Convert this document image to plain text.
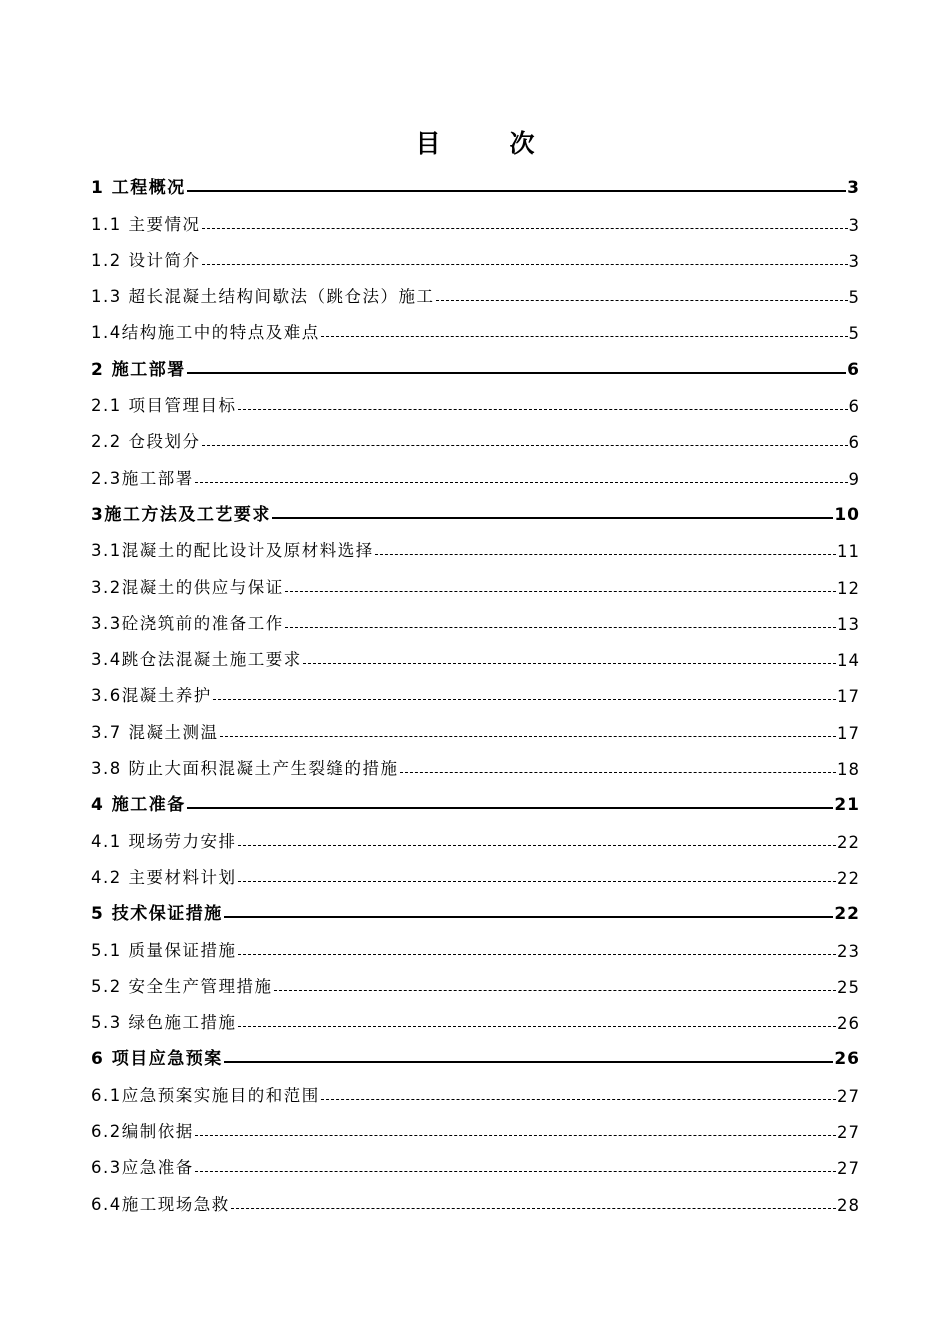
目　次
1 工程概况	3
1.1 主要情况	3
1.2 设计简介	3
1.3 超长混凝土结构间歇法（跳仓法）施工	5
1.4结构施工中的特点及难点	5
2 施工部署	6
2.1 项目管理目标	6
2.2 仓段划分	6
2.3施工部署	9
3施工方法及工艺要求	10
3.1混凝土的配比设计及原材料选择	11
3.2混凝土的供应与保证	12
3.3砼浇筑前的准备工作	13
3.4跳仓法混凝土施工要求	14
3.6混凝土养护	17
3.7 混凝土测温	17
3.8 防止大面积混凝土产生裂缝的措施	18
4 施工准备	21
4.1 现场劳力安排	22
4.2 主要材料计划	22
5 技术保证措施	22
5.1 质量保证措施	23
5.2 安全生产管理措施	25
5.3 绿色施工措施	26
6 项目应急预案	26
6.1应急预案实施目的和范围	27
6.2编制依据	27
6.3应急准备	27
6.4施工现场急救	28
